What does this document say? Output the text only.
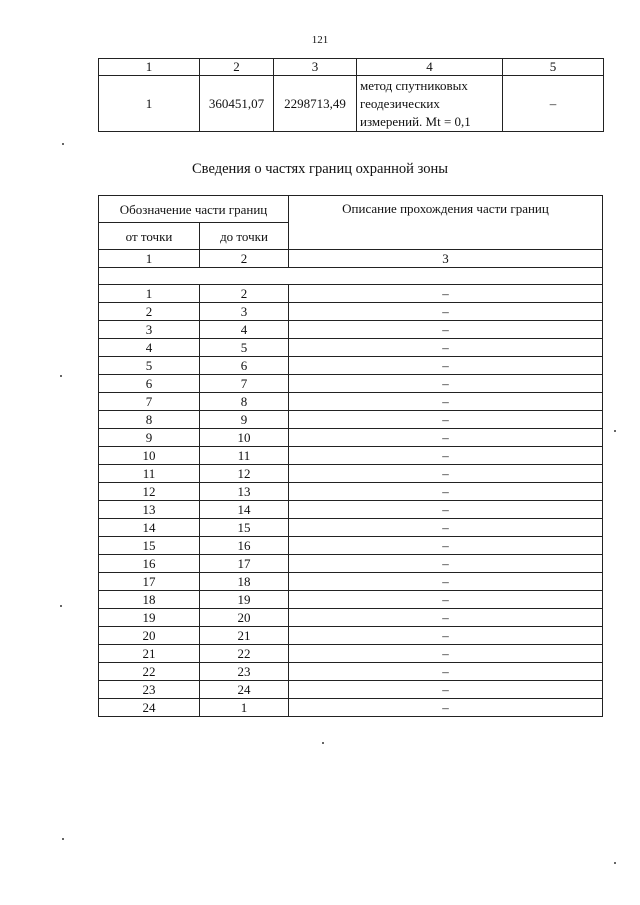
121
1	2	3	4	5
1	360451,07	2298713,49	метод спутниковых
геодезических
измерений. Mt = 0,1	–
Сведения о частях границ охранной зоны
Обозначение части границ		Описание прохождения части границ
от точки	до точки	
1	2	3

1	2	–
2	3	–
3	4	–
4	5	–
5	6	–
6	7	–
7	8	–
8	9	–
9	10	–
10	11	–
11	12	–
12	13	–
13	14	–
14	15	–
15	16	–
16	17	–
17	18	–
18	19	–
19	20	–
20	21	–
21	22	–
22	23	–
23	24	–
24	1	–
